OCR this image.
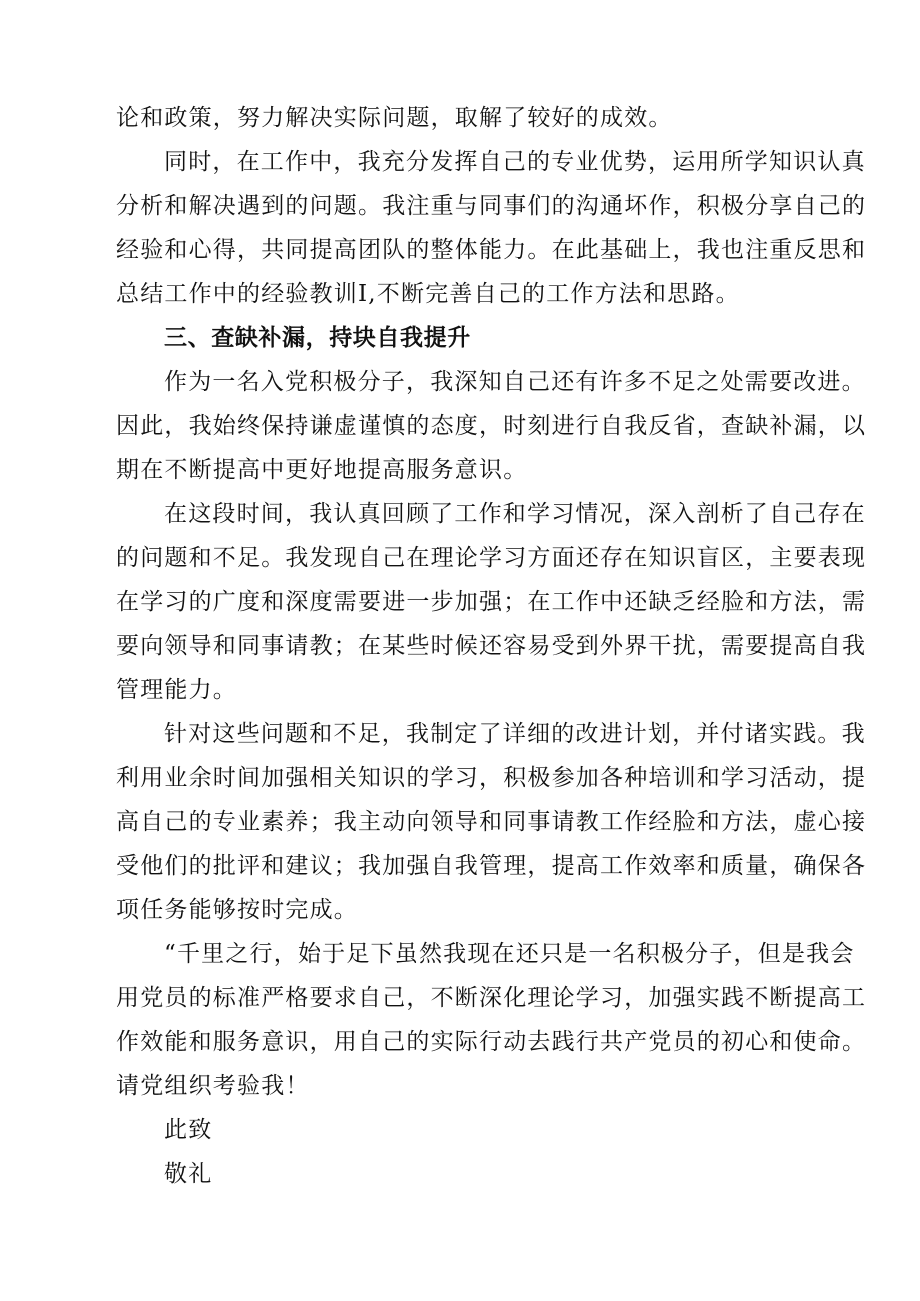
论和政策，努力解决实际问题，取解了较好的成效。
同时，在工作中，我充分发挥自己的专业优势，运用所学知识认真
分析和解决遇到的问题。我注重与同事们的沟通坏作，积极分享自己的
经验和心得，共同提高团队的整体能力。在此基础上，我也注重反思和
总结工作中的经验教训I,不断完善自己的工作方法和思路。
三、查缺补漏，持块自我提升
作为一名入党积极分子，我深知自己还有许多不足之处需要改进。
因此，我始终保持谦虚谨慎的态度，时刻进行自我反省，查缺补漏，以
期在不断提高中更好地提高服务意识。
在这段时间，我认真回顾了工作和学习情况，深入剖析了自己存在
的问题和不足。我发现自己在理论学习方面还存在知识盲区，主要表现
在学习的广度和深度需要进一步加强；在工作中还缺乏经脸和方法，需
要向领导和同事请教；在某些时候还容易受到外界干扰，需要提高自我
管理能力。
针对这些问题和不足，我制定了详细的改进计划，并付诸实践。我
利用业余时间加强相关知识的学习，积极参加各种培训和学习活动，提
高自己的专业素养；我主动向领导和同事请教工作经脸和方法，虚心接
受他们的批评和建议；我加强自我管理，提高工作效率和质量，确保各
项任务能够按时完成。
“千里之行，始于足下虽然我现在还只是一名积极分子，但是我会
用党员的标准严格要求自己，不断深化理论学习，加强实践不断提高工
作效能和服务意识，用自己的实际行动去践行共产党员的初心和使命。
请党组织考验我！
此致
敬礼
